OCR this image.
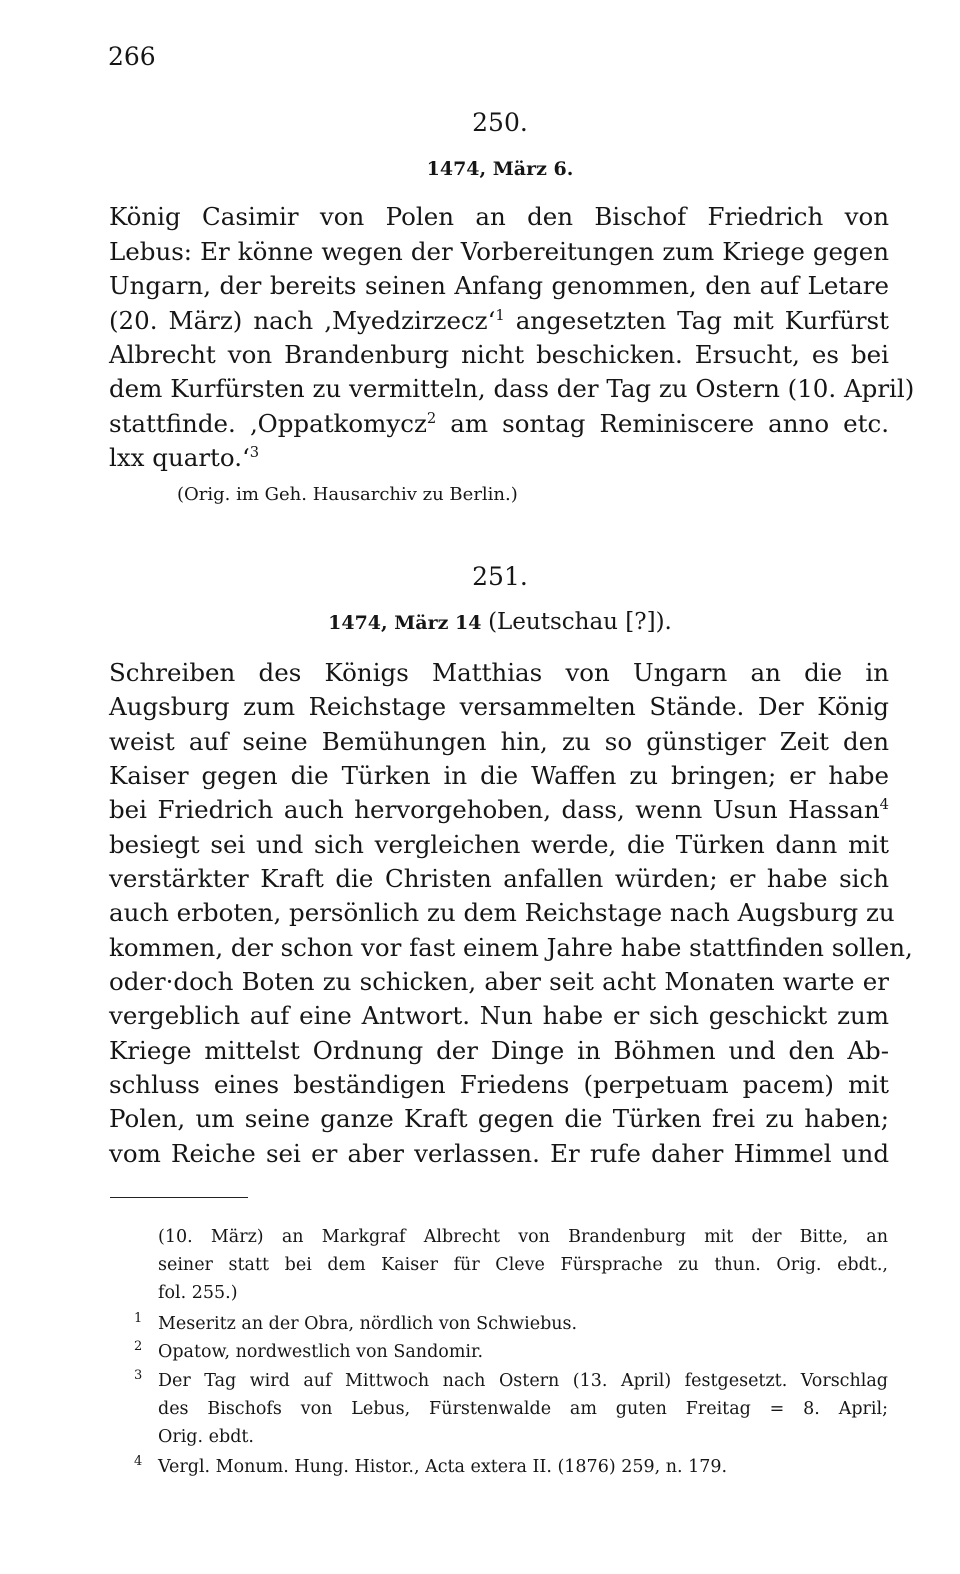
266
250.
1474, März 6.
König Casimir von Polen an den Bischof Friedrich von
Lebus: Er könne wegen der Vorbereitungen zum Kriege gegen
Ungarn, der bereits seinen Anfang genommen, den auf Letare
(20. März) nach ‚Myedzirzecz‘$^1$ angesetzten Tag mit Kurfürst
Albrecht von Brandenburg nicht beschicken. Ersucht, es bei
dem Kurfürsten zu vermitteln, dass der Tag zu Ostern (10. April)
stattfinde. ‚Oppatkomycz$^2$ am sontag Reminiscere anno etc.
lxx quarto.‘$^3$
(Orig. im Geh. Hausarchiv zu Berlin.)
251.
1474, März 14 (Leutschau [?]).
Schreiben des Königs Matthias von Ungarn an die in
Augsburg zum Reichstage versammelten Stände. Der König
weist auf seine Bemühungen hin, zu so günstiger Zeit den
Kaiser gegen die Türken in die Waffen zu bringen; er habe
bei Friedrich auch hervorgehoben, dass, wenn Usun Hassan$^4$
besiegt sei und sich vergleichen werde, die Türken dann mit
verstärkter Kraft die Christen anfallen würden; er habe sich
auch erboten, persönlich zu dem Reichstage nach Augsburg zu
kommen, der schon vor fast einem Jahre habe stattfinden sollen,
oder·doch Boten zu schicken, aber seit acht Monaten warte er
vergeblich auf eine Antwort. Nun habe er sich geschickt zum
Kriege mittelst Ordnung der Dinge in Böhmen und den Ab-
schluss eines beständigen Friedens (perpetuam pacem) mit
Polen, um seine ganze Kraft gegen die Türken frei zu haben;
vom Reiche sei er aber verlassen. Er rufe daher Himmel und
(10. März) an Markgraf Albrecht von Brandenburg mit der Bitte, an
seiner statt bei dem Kaiser für Cleve Fürsprache zu thun. Orig. ebdt.,
fol. 255.)
1 Meseritz an der Obra, nördlich von Schwiebus.
2 Opatow, nordwestlich von Sandomir.
3 Der Tag wird auf Mittwoch nach Ostern (13. April) festgesetzt. Vorschlag
des Bischofs von Lebus, Fürstenwalde am guten Freitag = 8. April;
Orig. ebdt.
4 Vergl. Monum. Hung. Histor., Acta extera II. (1876) 259, n. 179.
